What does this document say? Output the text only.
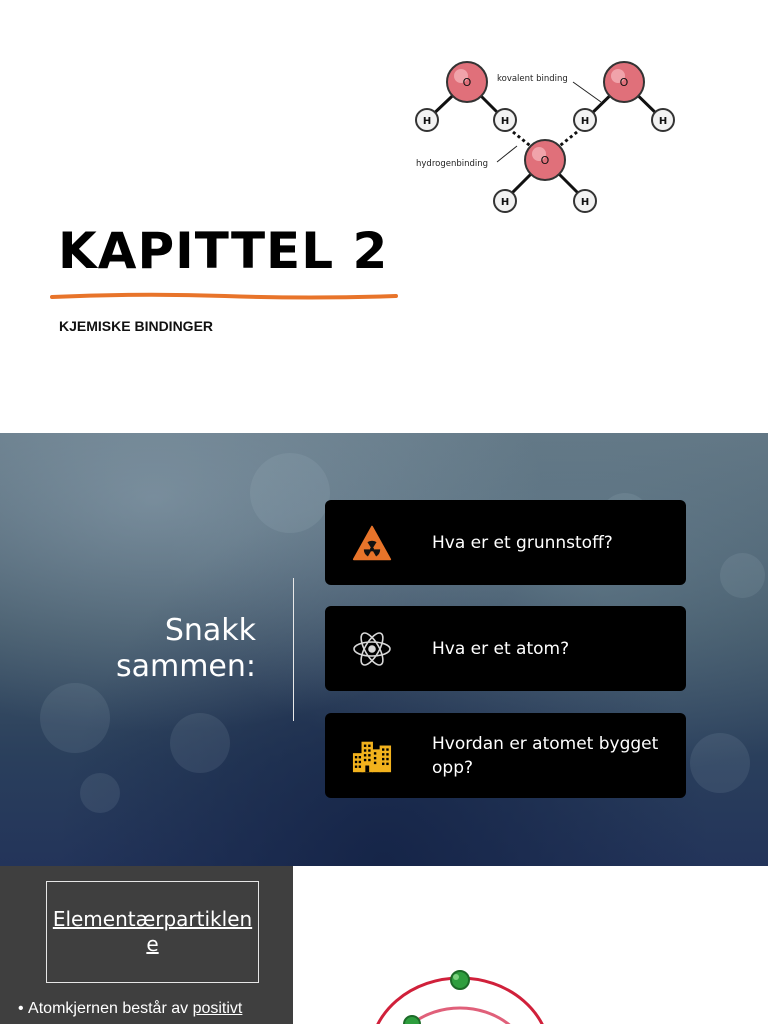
O	O
O
H	H	H	H
H	H
kovalent binding
hydrogenbinding
KAPITTEL 2
KJEMISKE BINDINGER
Snakk
sammen:
Hva er et grunnstoff?
Hva er et atom?
Hvordan er atomet bygget opp?
Elementærpartiklene
• Atomkjernen består av positivt
